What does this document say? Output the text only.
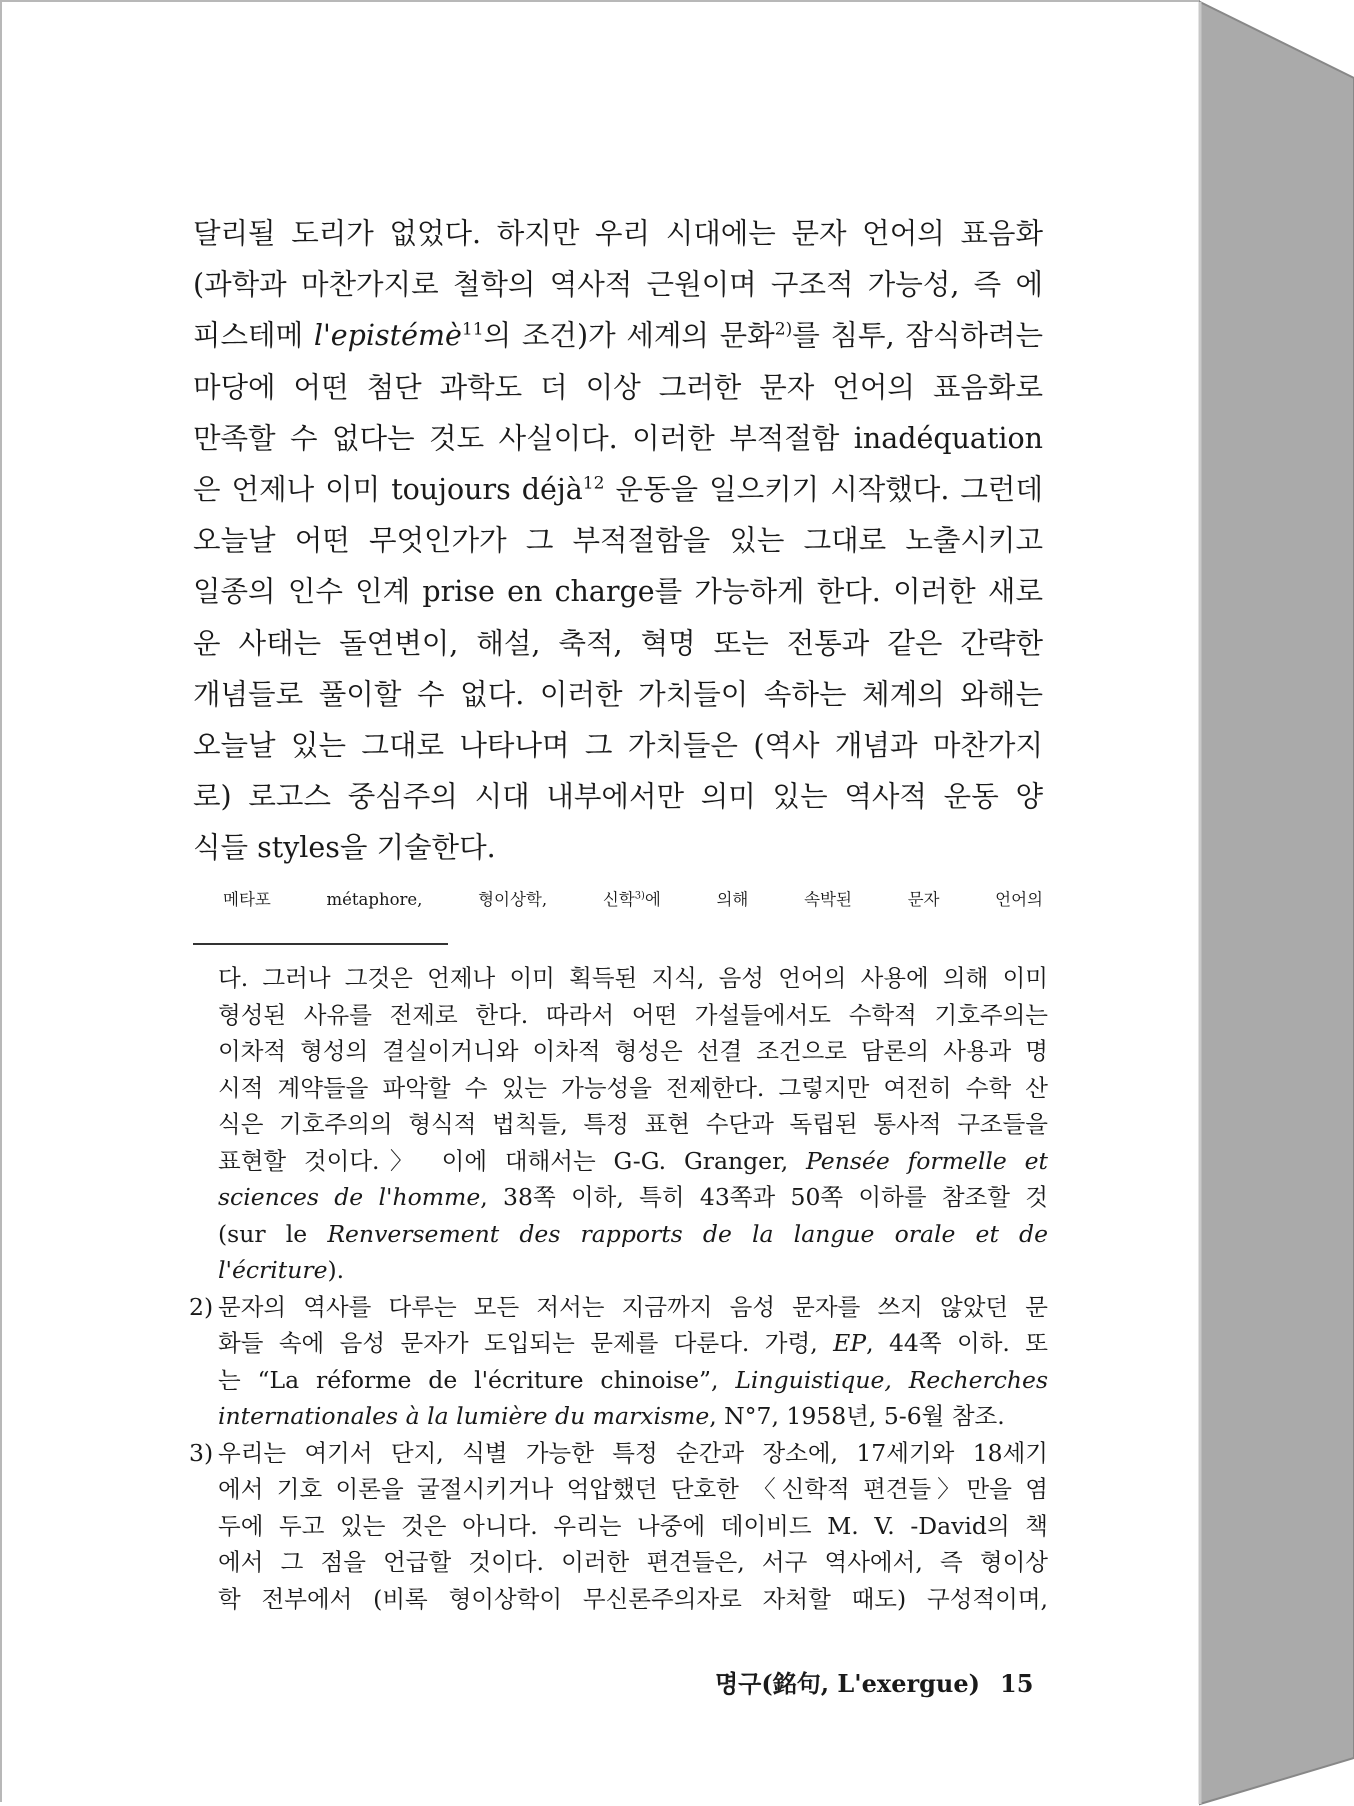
달리될 도리가 없었다. 하지만 우리 시대에는 문자 언어의 표음화
(과학과 마찬가지로 철학의 역사적 근원이며 구조적 가능성, 즉 에
피스테메 l'epistémè$^{11}$의 조건)가 세계의 문화$^{2)}$를 침투, 잠식하려는
마당에 어떤 첨단 과학도 더 이상 그러한 문자 언어의 표음화로
만족할 수 없다는 것도 사실이다. 이러한 부적절함 inadéquation
은 언제나 이미 toujours déjà$^{12}$ 운동을 일으키기 시작했다. 그런데
오늘날 어떤 무엇인가가 그 부적절함을 있는 그대로 노출시키고
일종의 인수 인계 prise en charge를 가능하게 한다. 이러한 새로
운 사태는 돌연변이, 해설, 축적, 혁명 또는 전통과 같은 간략한
개념들로 풀이할 수 없다. 이러한 가치들이 속하는 체계의 와해는
오늘날 있는 그대로 나타나며 그 가치들은 (역사 개념과 마찬가지
로) 로고스 중심주의 시대 내부에서만 의미 있는 역사적 운동 양
식들 styles을 기술한다.
메타포 métaphore, 형이상학, 신학$^{3)}$에 의해 속박된 문자 언어의
다. 그러나 그것은 언제나 이미 획득된 지식, 음성 언어의 사용에 의해 이미
형성된 사유를 전제로 한다. 따라서 어떤 가설들에서도 수학적 기호주의는
이차적 형성의 결실이거니와 이차적 형성은 선결 조건으로 담론의 사용과 명
시적 계약들을 파악할 수 있는 가능성을 전제한다. 그렇지만 여전히 수학 산
식은 기호주의의 형식적 법칙들, 특정 표현 수단과 독립된 통사적 구조들을
표현할 것이다.〉 이에 대해서는 G-G. Granger, Pensée formelle et
sciences de l'homme, 38쪽 이하, 특히 43쪽과 50쪽 이하를 참조할 것
(sur le Renversement des rapports de la langue orale et de
l'écriture).
2) 문자의 역사를 다루는 모든 저서는 지금까지 음성 문자를 쓰지 않았던 문
화들 속에 음성 문자가 도입되는 문제를 다룬다. 가령, EP, 44쪽 이하. 또
는 “La réforme de l'écriture chinoise”, Linguistique, Recherches
internationales à la lumière du marxisme, N°7, 1958년, 5-6월 참조.
3) 우리는 여기서 단지, 식별 가능한 특정 순간과 장소에, 17세기와 18세기
에서 기호 이론을 굴절시키거나 억압했던 단호한 〈신학적 편견들〉만을 염
두에 두고 있는 것은 아니다. 우리는 나중에 데이비드 M. V. -David의 책
에서 그 점을 언급할 것이다. 이러한 편견들은, 서구 역사에서, 즉 형이상
학 전부에서 (비록 형이상학이 무신론주의자로 자처할 때도) 구성적이며,
명구(銘句, L'exergue) 15
